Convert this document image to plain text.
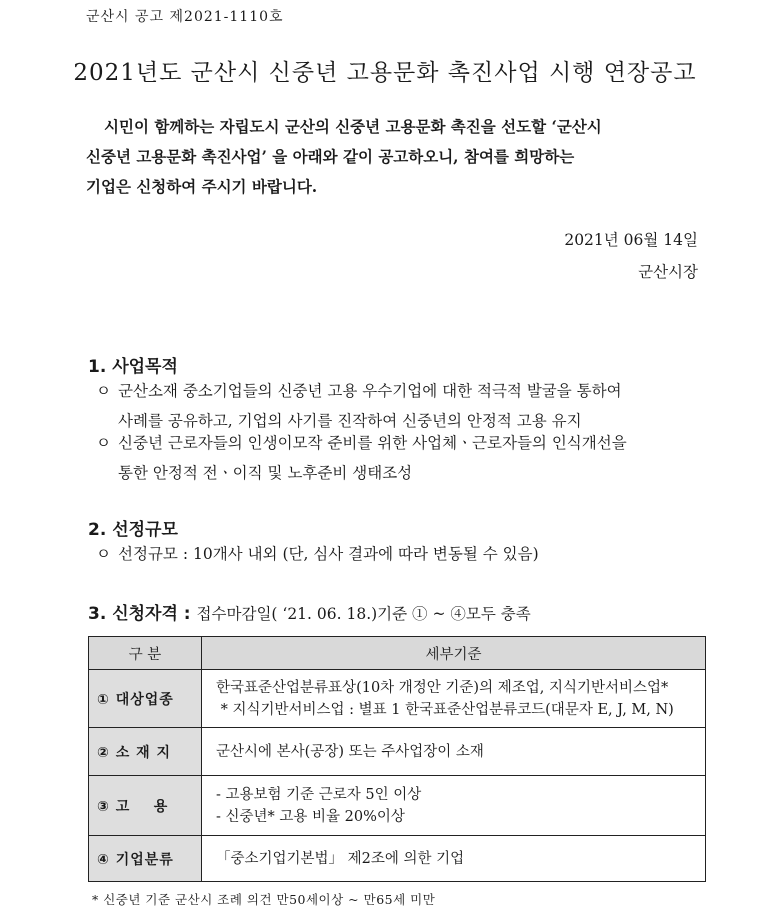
군산시 공고 제2021-1110호
2021년도 군산시 신중년 고용문화 촉진사업 시행 연장공고
시민이 함께하는 자립도시 군산의 신중년 고용문화 촉진을 선도할 ‘군산시
신중년 고용문화 촉진사업’ 을 아래와 같이 공고하오니, 참여를 희망하는
기업은 신청하여 주시기 바랍니다.
2021년 06월 14일
군산시장
1. 사업목적
ㅇ 군산소재 중소기업들의 신중년 고용 우수기업에 대한 적극적 발굴을 통하여
사례를 공유하고, 기업의 사기를 진작하여 신중년의 안정적 고용 유지
ㅇ 신중년 근로자들의 인생이모작 준비를 위한 사업체ㆍ근로자들의 인식개선을
통한 안정적 전ㆍ이직 및 노후준비 생태조성
2. 선정규모
ㅇ 선정규모 : 10개사 내외 (단, 심사 결과에 따라 변동될 수 있음)
3. 신청자격 : 접수마감일( ‘21. 06. 18.)기준 ① ~ ④모두 충족
구 분	세부기준
① 대상업종	한국표준산업분류표상(10차 개정안 기준)의 제조업, 지식기반서비스업*
* 지식기반서비스업 : 별표 1 한국표준산업분류코드(대문자 E, J, M, N)

② 소 재 지	군산시에 본사(공장) 또는 주사업장이 소재

③ 고    용	- 고용보험 기준 근로자 5인 이상
- 신중년* 고용 비율 20%이상

④ 기업분류	「중소기업기본법」 제2조에 의한 기업
* 신중년 기준 군산시 조례 의건 만50세이상 ~ 만65세 미만
